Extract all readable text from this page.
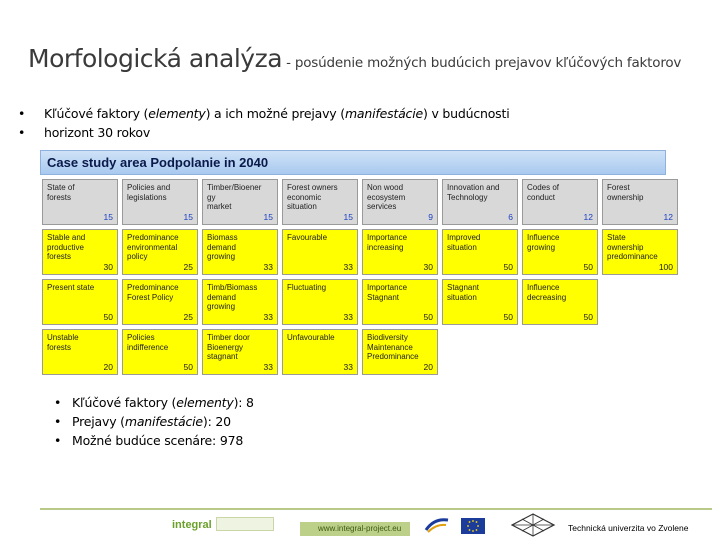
Morfologická analýza - posúdenie možných budúcich prejavov kľúčových faktorov
• Kľúčové faktory (elementy) a ich možné prejavy (manifestácie) v budúcnosti
• horizont 30 rokov
Case study area Podpolanie in 2040
State of
forests
15
Stable and
productive
forests
30
Present state
50
Unstable
forests
20
Policies and
legislations
15
Predominance
environmental
policy
25
Predominance
Forest Policy
25
Policies
indifference
50
Timber/Bioener
gy
market
15
Biomass
demand
growing
33
Timb/Biomass
demand
growing
33
Timber door
Bioenergy
stagnant
33
Forest owners
economic
situation
15
Favourable
33
Fluctuating
33
Unfavourable
33
Non wood
ecosystem
services
9
Importance
increasing
30
Importance
Stagnant
50
Biodiversity
Maintenance
Predominance
20
Innovation and
Technology
6
Improved
situation
50
Stagnant
situation
50
Codes of
conduct
12
Influence
growing
50
Influence
decreasing
50
Forest
ownership
12
State
ownership
predominance
100
• Kľúčové faktory (elementy): 8
• Prejavy (manifestácie): 20
• Možné budúce scenáre: 978
integral	www.integral-project.eu	Technická univerzita vo Zvolene
